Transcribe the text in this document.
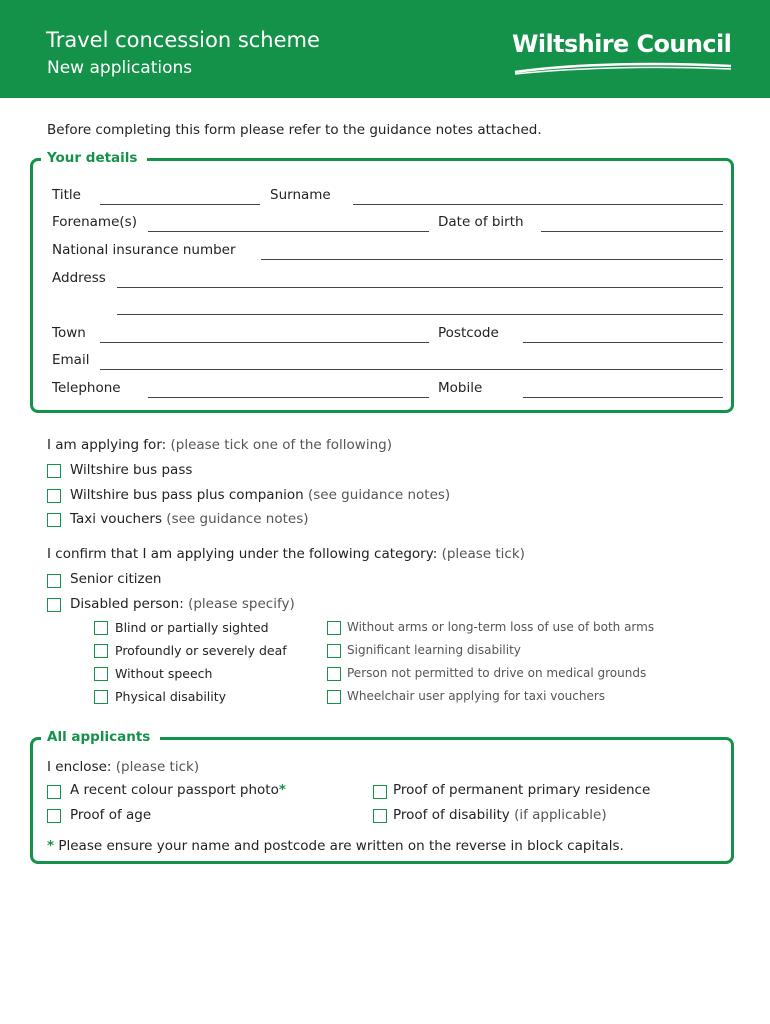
Travel concession scheme
New applications
Wiltshire Council
Before completing this form please refer to the guidance notes attached.
Your details
Title	Surname
Forename(s)	Date of birth
National insurance number
Address
Town	Postcode
Email
Telephone	Mobile
I am applying for: (please tick one of the following)
Wiltshire bus pass
Wiltshire bus pass plus companion (see guidance notes)
Taxi vouchers (see guidance notes)
I confirm that I am applying under the following category: (please tick)
Senior citizen
Disabled person: (please specify)
Blind or partially sighted
Profoundly or severely deaf
Without speech
Physical disability
Without arms or long-term loss of use of both arms
Significant learning disability
Person not permitted to drive on medical grounds
Wheelchair user applying for taxi vouchers
All applicants
I enclose: (please tick)
A recent colour passport photo*	Proof of permanent primary residence
Proof of age	Proof of disability (if applicable)
* Please ensure your name and postcode are written on the reverse in block capitals.
